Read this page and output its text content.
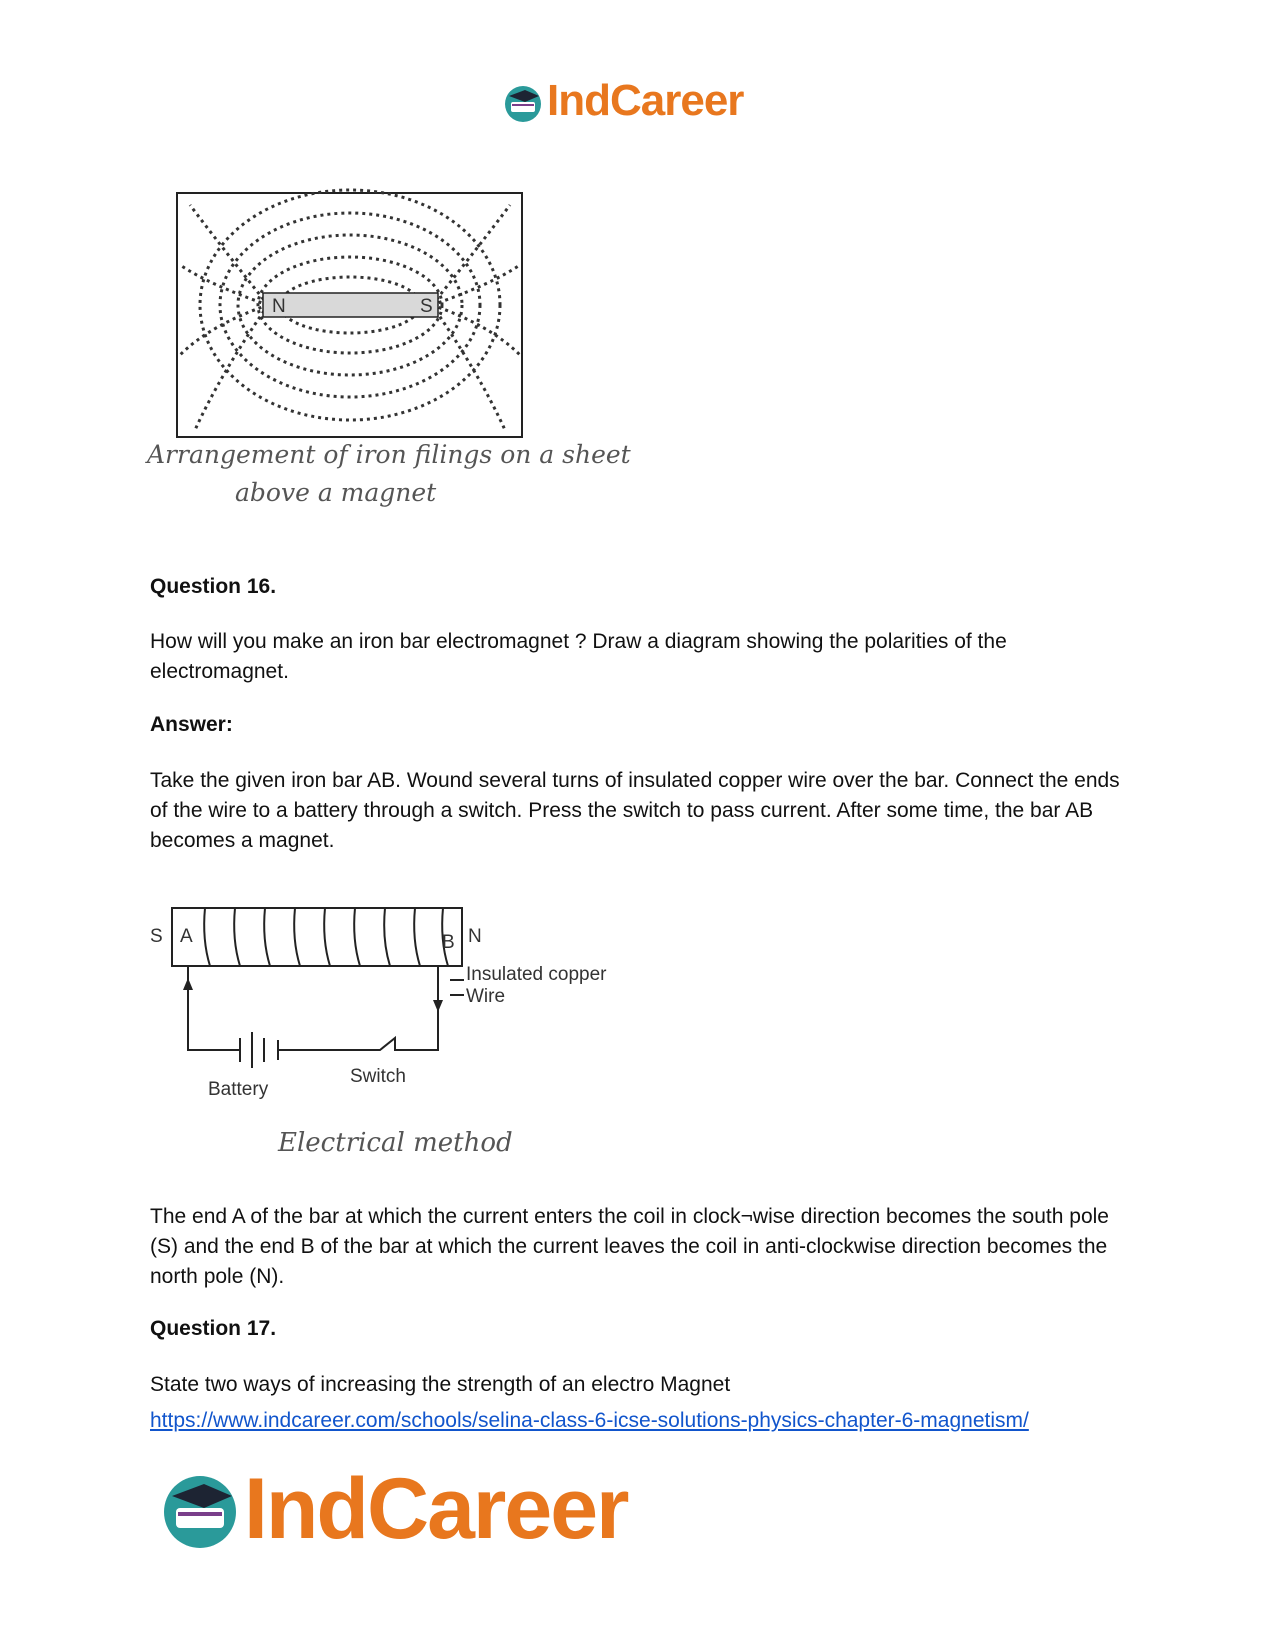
IndCareer
N	S
Arrangement of iron filings on a sheet
above a magnet
Question 16.
How will you make an iron bar electromagnet ? Draw a diagram showing the polarities of the electromagnet.
Answer:
Take the given iron bar AB. Wound several turns of insulated copper wire over the bar. Connect the ends of the wire to a battery through a switch. Press the switch to pass current. After some time, the bar AB becomes a magnet.
S A	B N
Insulated copper
Wire
Battery
Switch
Electrical method
The end A of the bar at which the current enters the coil in clock¬wise direction becomes the south pole (S) and the end B of the bar at which the current leaves the coil in anti-clockwise direction becomes the north pole (N).
Question 17.
State two ways of increasing the strength of an electro Magnet
https://www.indcareer.com/schools/selina-class-6-icse-solutions-physics-chapter-6-magnetism/
IndCareer
